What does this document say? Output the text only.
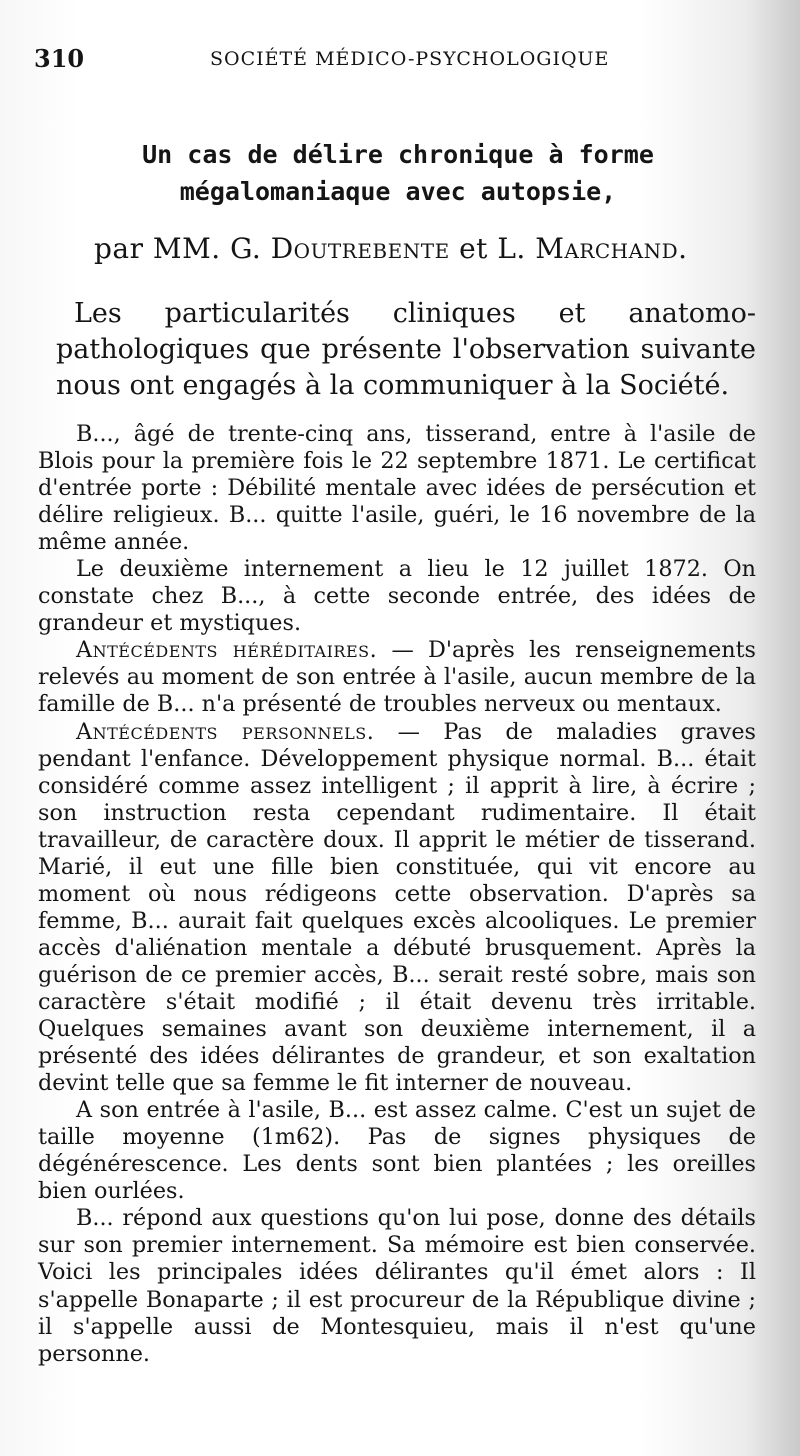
310	SOCIÉTÉ MÉDICO-PSYCHOLOGIQUE
Un cas de délire chronique à forme mégalomaniaque avec autopsie,
par MM. G. Doutrebente et L. Marchand.

Les particularités cliniques et anatomo-pathologiques que présente l'observation suivante nous ont engagés à la communiquer à la Société.

B..., âgé de trente-cinq ans, tisserand, entre à l'asile de Blois pour la première fois le 22 septembre 1871. Le certificat d'entrée porte : Débilité mentale avec idées de persécution et délire religieux. B... quitte l'asile, guéri, le 16 novembre de la même année.

Le deuxième internement a lieu le 12 juillet 1872. On constate chez B..., à cette seconde entrée, des idées de grandeur et mystiques.

Antécédents héréditaires. — D'après les renseignements relevés au moment de son entrée à l'asile, aucun membre de la famille de B... n'a présenté de troubles nerveux ou mentaux.

Antécédents personnels. — Pas de maladies graves pendant l'enfance. Développement physique normal. B... était considéré comme assez intelligent ; il apprit à lire, à écrire ; son instruction resta cependant rudimentaire. Il était travailleur, de caractère doux. Il apprit le métier de tisserand. Marié, il eut une fille bien constituée, qui vit encore au moment où nous rédigeons cette observation. D'après sa femme, B... aurait fait quelques excès alcooliques. Le premier accès d'aliénation mentale a débuté brusquement. Après la guérison de ce premier accès, B... serait resté sobre, mais son caractère s'était modifié ; il était devenu très irritable. Quelques semaines avant son deuxième internement, il a présenté des idées délirantes de grandeur, et son exaltation devint telle que sa femme le fit interner de nouveau.

A son entrée à l'asile, B... est assez calme. C'est un sujet de taille moyenne (1m62). Pas de signes physiques de dégénérescence. Les dents sont bien plantées ; les oreilles bien ourlées.

B... répond aux questions qu'on lui pose, donne des détails sur son premier internement. Sa mémoire est bien conservée. Voici les principales idées délirantes qu'il émet alors : Il s'appelle Bonaparte ; il est procureur de la République divine ; il s'appelle aussi de Montesquieu, mais il n'est qu'une personne.
